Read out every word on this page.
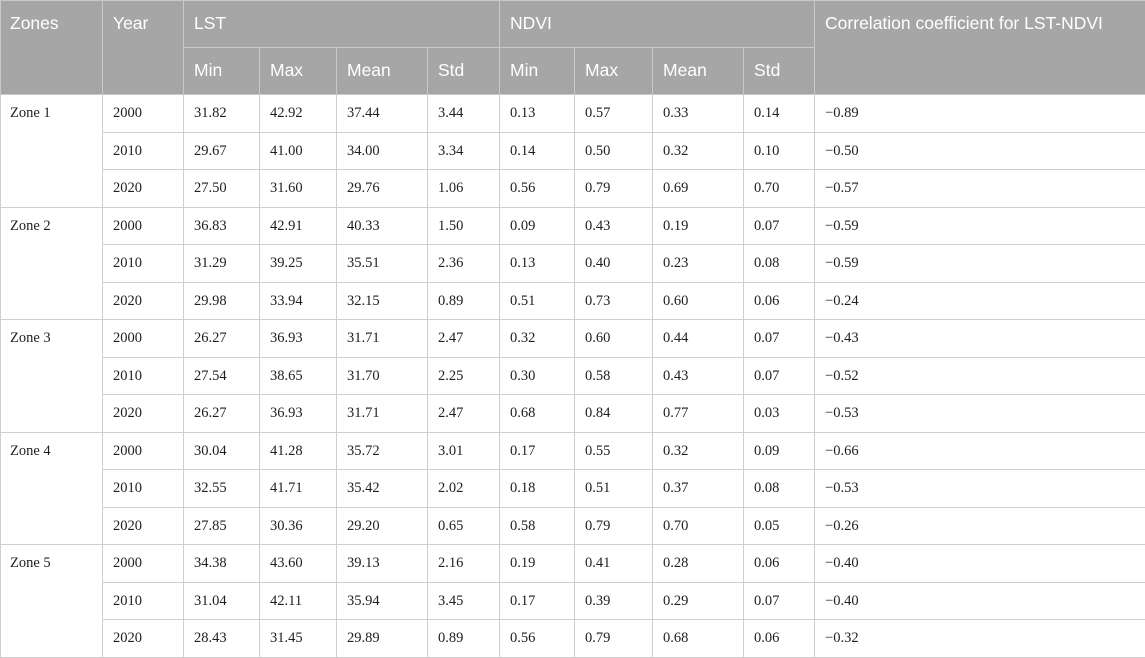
Zones	Year	LST				NDVI				Correlation coefficient for LST-NDVI
		Min	Max	Mean	Std	Min	Max	Mean	Std	
Zone 1	2000	31.82	42.92	37.44	3.44	0.13	0.57	0.33	0.14	−0.89
	2010	29.67	41.00	34.00	3.34	0.14	0.50	0.32	0.10	−0.50
	2020	27.50	31.60	29.76	1.06	0.56	0.79	0.69	0.70	−0.57
Zone 2	2000	36.83	42.91	40.33	1.50	0.09	0.43	0.19	0.07	−0.59
	2010	31.29	39.25	35.51	2.36	0.13	0.40	0.23	0.08	−0.59
	2020	29.98	33.94	32.15	0.89	0.51	0.73	0.60	0.06	−0.24
Zone 3	2000	26.27	36.93	31.71	2.47	0.32	0.60	0.44	0.07	−0.43
	2010	27.54	38.65	31.70	2.25	0.30	0.58	0.43	0.07	−0.52
	2020	26.27	36.93	31.71	2.47	0.68	0.84	0.77	0.03	−0.53
Zone 4	2000	30.04	41.28	35.72	3.01	0.17	0.55	0.32	0.09	−0.66
	2010	32.55	41.71	35.42	2.02	0.18	0.51	0.37	0.08	−0.53
	2020	27.85	30.36	29.20	0.65	0.58	0.79	0.70	0.05	−0.26
Zone 5	2000	34.38	43.60	39.13	2.16	0.19	0.41	0.28	0.06	−0.40
	2010	31.04	42.11	35.94	3.45	0.17	0.39	0.29	0.07	−0.40
	2020	28.43	31.45	29.89	0.89	0.56	0.79	0.68	0.06	−0.32
